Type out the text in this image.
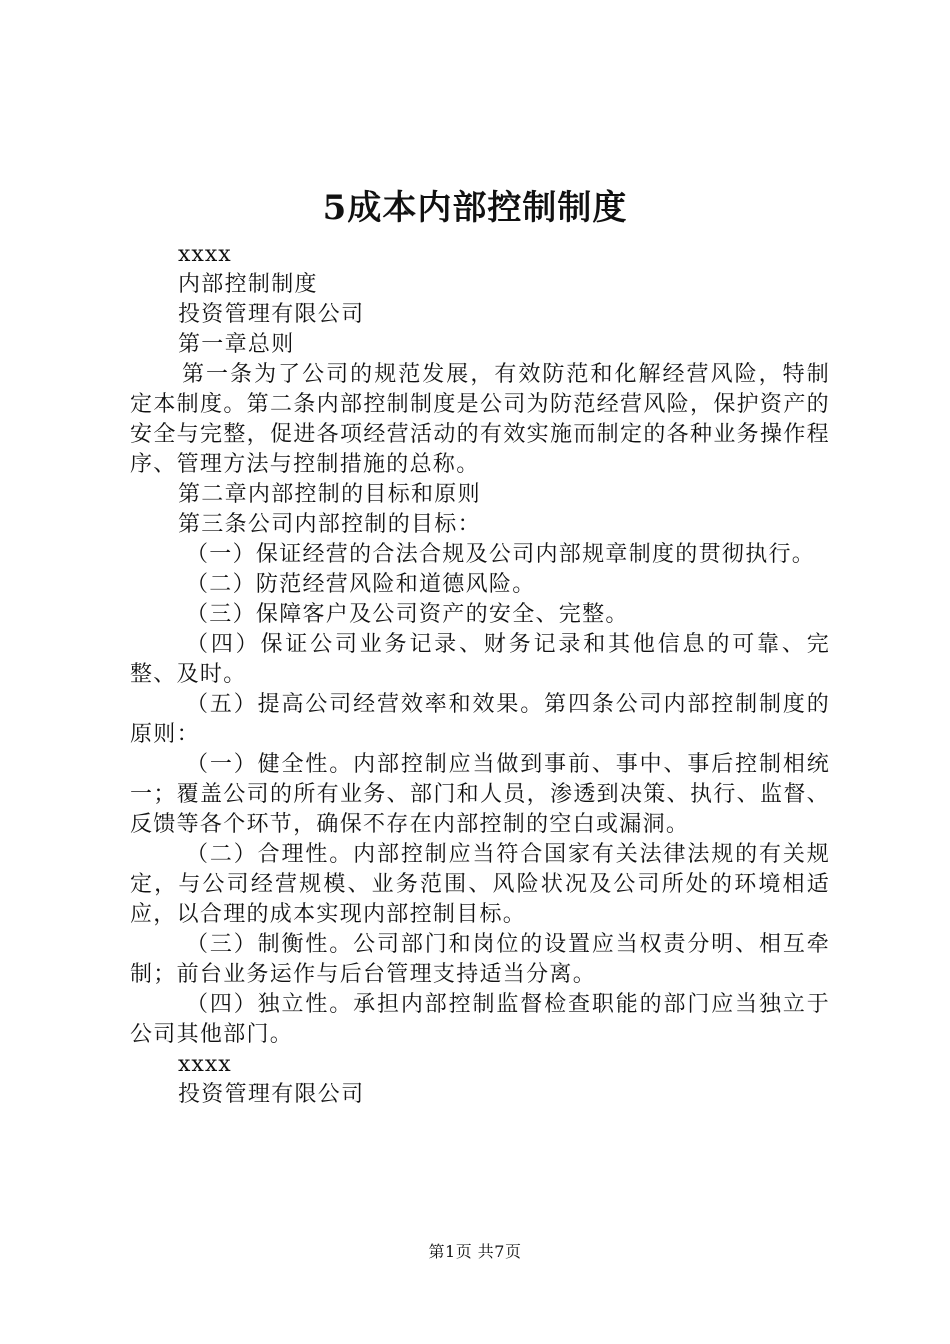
5成本内部控制制度

xxxx

内部控制制度

投资管理有限公司

第一章总则

第一条为了公司的规范发展，有效防范和化解经营风险，特制定本制度。第二条内部控制制度是公司为防范经营风险，保护资产的安全与完整，促进各项经营活动的有效实施而制定的各种业务操作程序、管理方法与控制措施的总称。

第二章内部控制的目标和原则

第三条公司内部控制的目标：

（一）保证经营的合法合规及公司内部规章制度的贯彻执行。

（二）防范经营风险和道德风险。

（三）保障客户及公司资产的安全、完整。

（四）保证公司业务记录、财务记录和其他信息的可靠、完整、及时。

（五）提高公司经营效率和效果。第四条公司内部控制制度的原则：

（一）健全性。内部控制应当做到事前、事中、事后控制相统一；覆盖公司的所有业务、部门和人员，渗透到决策、执行、监督、反馈等各个环节，确保不存在内部控制的空白或漏洞。

（二）合理性。内部控制应当符合国家有关法律法规的有关规定，与公司经营规模、业务范围、风险状况及公司所处的环境相适应，以合理的成本实现内部控制目标。

（三）制衡性。公司部门和岗位的设置应当权责分明、相互牵制；前台业务运作与后台管理支持适当分离。

（四）独立性。承担内部控制监督检查职能的部门应当独立于公司其他部门。

xxxx

投资管理有限公司

第1页 共7页
